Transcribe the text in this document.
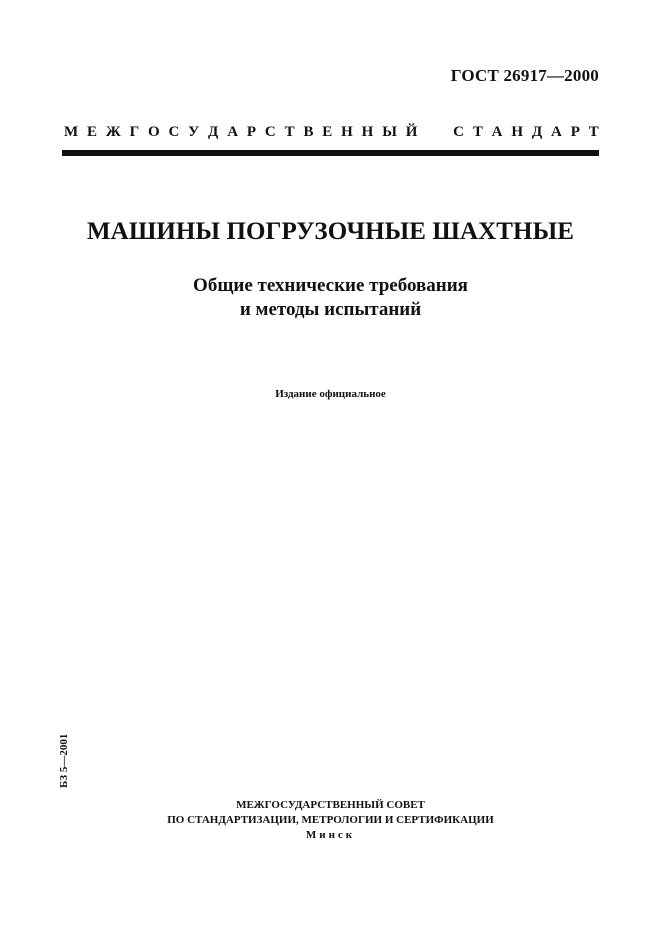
ГОСТ 26917—2000
М Е Ж Г О С У Д А Р С Т В Е Н Н Ы Й С Т А Н Д А Р Т
МАШИНЫ ПОГРУЗОЧНЫЕ ШАХТНЫЕ
Общие технические требования
и методы испытаний
Издание официальное
БЗ 5—2001
МЕЖГОСУДАРСТВЕННЫЙ СОВЕТ
ПО СТАНДАРТИЗАЦИИ, МЕТРОЛОГИИ И СЕРТИФИКАЦИИ
Минск
